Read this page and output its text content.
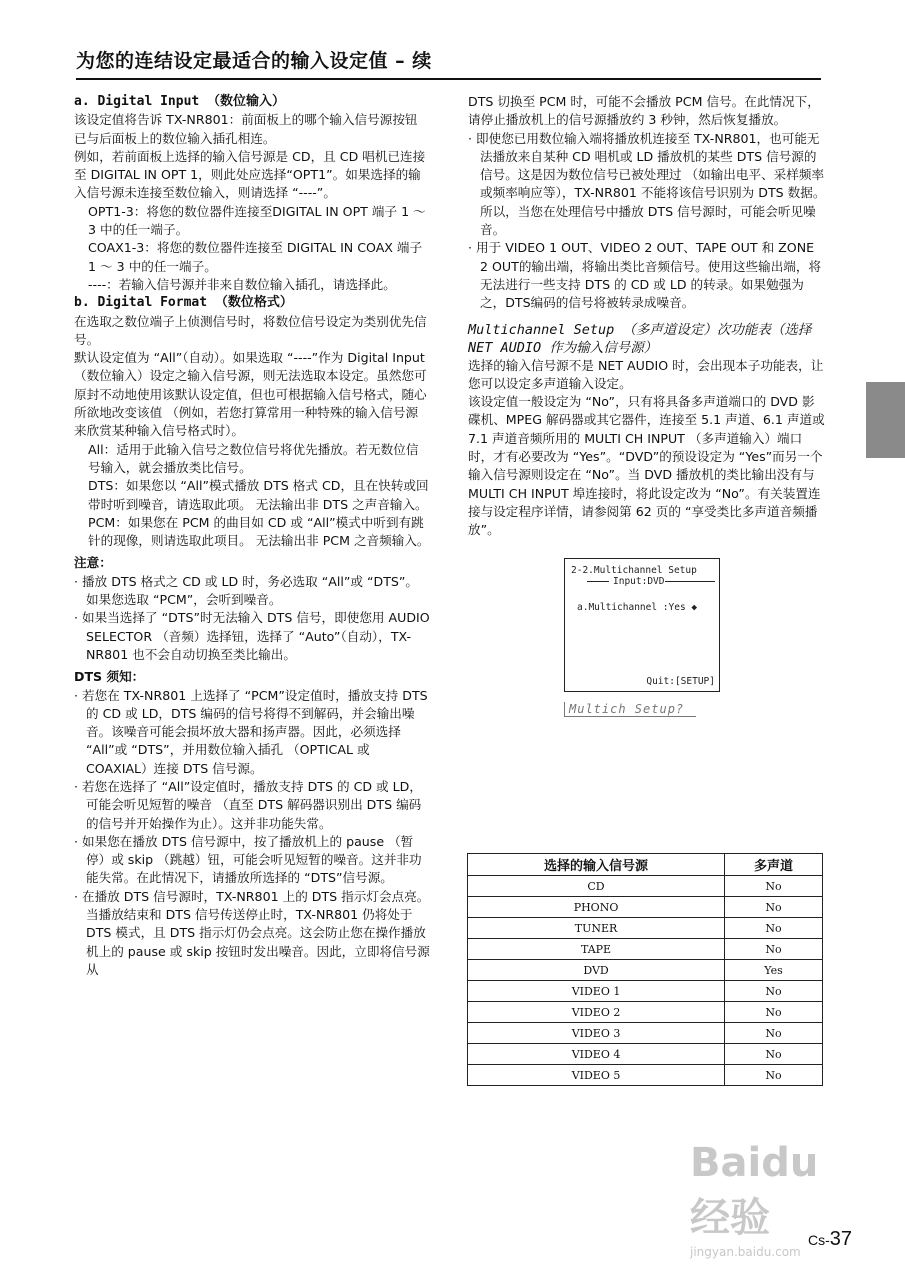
为您的连结设定最适合的输入设定值 – 续

a. Digital Input （数位输入）

该设定值将告诉 TX-NR801：前面板上的哪个输入信号源按钮已与后面板上的数位输入插孔相连。

例如，若前面板上选择的输入信号源是 CD，且 CD 唱机已连接至 DIGITAL IN OPT 1，则此处应选择“OPT1”。如果选择的输入信号源未连接至数位输入，则请选择 “----”。

OPT1-3：将您的数位器件连接至DIGITAL IN OPT 端子 1 ～ 3 中的任一端子。

COAX1-3：将您的数位器件连接至 DIGITAL IN COAX 端子 1 ～ 3 中的任一端子。

----：若输入信号源并非来自数位输入插孔，请选择此。

b. Digital Format （数位格式）

在选取之数位端子上侦测信号时，将数位信号设定为类别优先信号。

默认设定值为 “All”（自动）。如果选取 “----”作为 Digital Input （数位输入）设定之输入信号源，则无法选取本设定。虽然您可原封不动地使用该默认设定值，但也可根据输入信号格式，随心所欲地改变该值 （例如，若您打算常用一种特殊的输入信号源来欣赏某种输入信号格式时）。

All：适用于此输入信号之数位信号将优先播放。若无数位信号输入，就会播放类比信号。

DTS：如果您以 “All”模式播放 DTS 格式 CD，且在快转或回带时听到噪音，请选取此项。 无法输出非 DTS 之声音输入。

PCM：如果您在 PCM 的曲目如 CD 或 “All”模式中听到有跳针的现像，则请选取此项目。 无法输出非 PCM 之音频输入。

注意：

· 播放 DTS 格式之 CD 或 LD 时，务必选取 “All”或 “DTS”。 如果您选取 “PCM”，会听到噪音。

· 如果当选择了 “DTS”时无法输入 DTS 信号，即使您用 AUDIO SELECTOR （音频）选择钮，选择了 “Auto”（自动），TX-NR801 也不会自动切换至类比输出。

DTS 须知：

· 若您在 TX-NR801 上选择了 “PCM”设定值时，播放支持 DTS 的 CD 或 LD，DTS 编码的信号将得不到解码，并会输出噪音。该噪音可能会损坏放大器和扬声器。因此，必须选择 “All”或 “DTS”，并用数位输入插孔 （OPTICAL 或 COAXIAL）连接 DTS 信号源。

· 若您在选择了 “All”设定值时，播放支持 DTS 的 CD 或 LD，可能会听见短暂的噪音 （直至 DTS 解码器识别出 DTS 编码的信号并开始操作为止）。这并非功能失常。

· 如果您在播放 DTS 信号源中，按了播放机上的 pause （暂停）或 skip （跳越）钮，可能会听见短暂的噪音。这并非功能失常。在此情况下，请播放所选择的 “DTS”信号源。

· 在播放 DTS 信号源时，TX-NR801 上的 DTS 指示灯会点亮。当播放结束和 DTS 信号传送停止时，TX-NR801 仍将处于 DTS 模式，且 DTS 指示灯仍会点亮。这会防止您在操作播放机上的 pause 或 skip 按钮时发出噪音。因此，立即将信号源从

DTS 切换至 PCM 时，可能不会播放 PCM 信号。在此情况下，请停止播放机上的信号源播放约 3 秒钟，然后恢复播放。

· 即使您已用数位输入端将播放机连接至 TX-NR801，也可能无法播放来自某种 CD 唱机或 LD 播放机的某些 DTS 信号源的信号。这是因为数位信号已被处理过 （如输出电平、采样频率或频率响应等），TX-NR801 不能将该信号识别为 DTS 数据。所以，当您在处理信号中播放 DTS 信号源时，可能会听见噪音。

· 用于 VIDEO 1 OUT、VIDEO 2 OUT、TAPE OUT 和 ZONE 2 OUT的输出端，将输出类比音频信号。使用这些输出端，将无法进行一些支持 DTS 的 CD 或 LD 的转录。如果勉强为之，DTS编码的信号将被转录成噪音。

Multichannel Setup （多声道设定）次功能表（选择 NET AUDIO 作为输入信号源）

选择的输入信号源不是 NET AUDIO 时，会出现本子功能表，让您可以设定多声道输入设定。

该设定值一般设定为 “No”，只有将具备多声道端口的 DVD 影碟机、MPEG 解码器或其它器件，连接至 5.1 声道、6.1 声道或 7.1 声道音频所用的 MULTI CH INPUT （多声道输入）端口时，才有必要改为 “Yes”。“DVD”的预设设定为 “Yes”而另一个输入信号源则设定在 “No”。当 DVD 播放机的类比输出没有与 MULTI CH INPUT 埠连接时，将此设定改为 “No”。有关装置连接与设定程序详情，请参阅第 62 页的 “享受类比多声道音频播放”。

2-2.Multichannel Setup
Input:DVD
a.Multichannel :Yes ◆
Quit:[SETUP]
Multich Setup?
选择的输入信号源	多声道
CD	No
PHONO	No
TUNER	No
TAPE	No
DVD	Yes
VIDEO 1	No
VIDEO 2	No
VIDEO 3	No
VIDEO 4	No
VIDEO 5	No
Baidu 经验
jingyan.baidu.com
Cs-37
